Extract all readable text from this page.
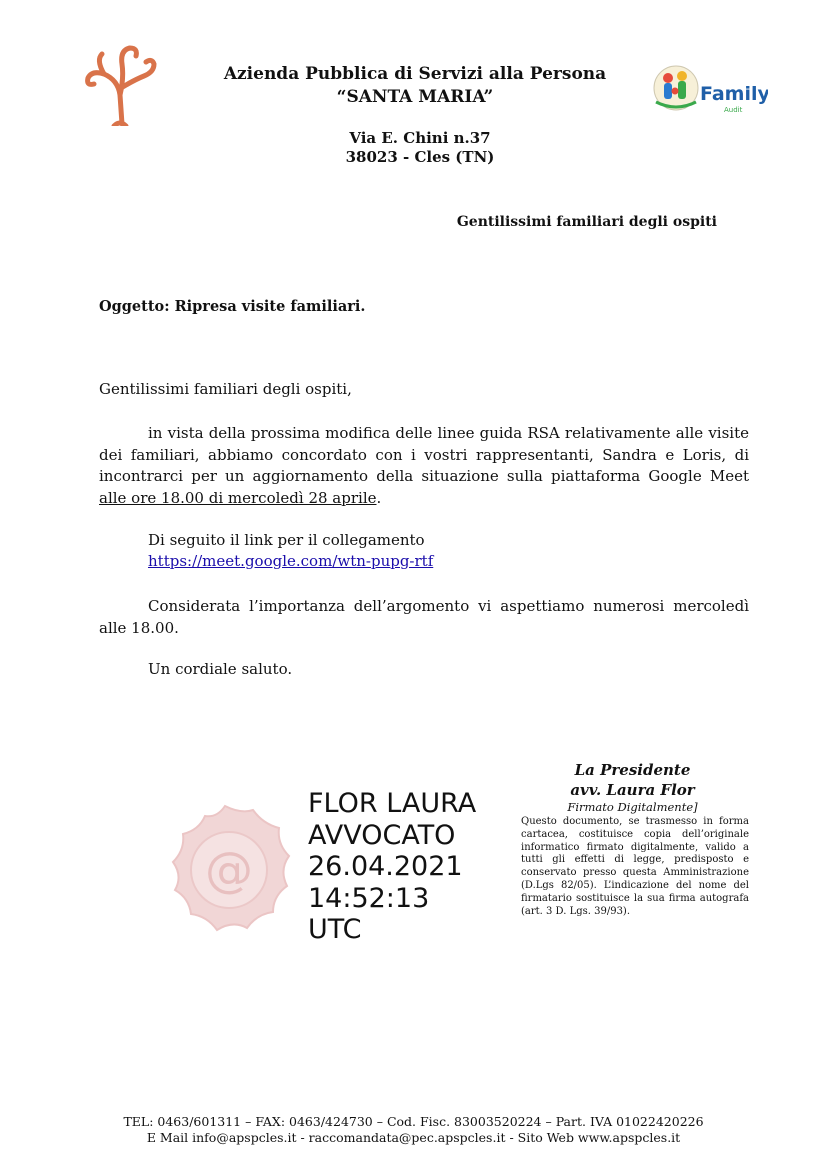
Azienda Pubblica di Servizi alla Persona
“SANTA MARIA”	Family
Audit
Via E. Chini n.37
38023 - Cles (TN)
Gentilissimi familiari degli ospiti
Oggetto: Ripresa visite familiari.
Gentilissimi familiari degli ospiti,
in vista della prossima modifica delle linee guida RSA relativamente alle visite dei familiari, abbiamo concordato con i vostri rappresentanti, Sandra e Loris, di incontrarci per un aggiornamento della situazione sulla piattaforma Google Meet alle ore 18.00 di mercoledì 28 aprile.
Di seguito il link per il collegamento
https://meet.google.com/wtn-pupg-rtf
Considerata l’importanza dell’argomento vi aspettiamo numerosi mercoledì alle 18.00.
Un cordiale saluto.
@
FLOR LAURA
AVVOCATO
26.04.2021
14:52:13
UTC
La Presidente
avv. Laura Flor
Firmato Digitalmente]
Questo documento, se trasmesso in forma cartacea, costituisce copia dell’originale informatico firmato digitalmente, valido a tutti gli effetti di legge, predisposto e conservato presso questa Amministrazione (D.Lgs 82/05). L’indicazione del nome del firmatario sostituisce la sua firma autografa (art. 3 D. Lgs. 39/93).
TEL: 0463/601311 – FAX: 0463/424730 – Cod. Fisc. 83003520224 – Part. IVA 01022420226
E Mail info@apspcles.it - raccomandata@pec.apspcles.it - Sito Web www.apspcles.it
